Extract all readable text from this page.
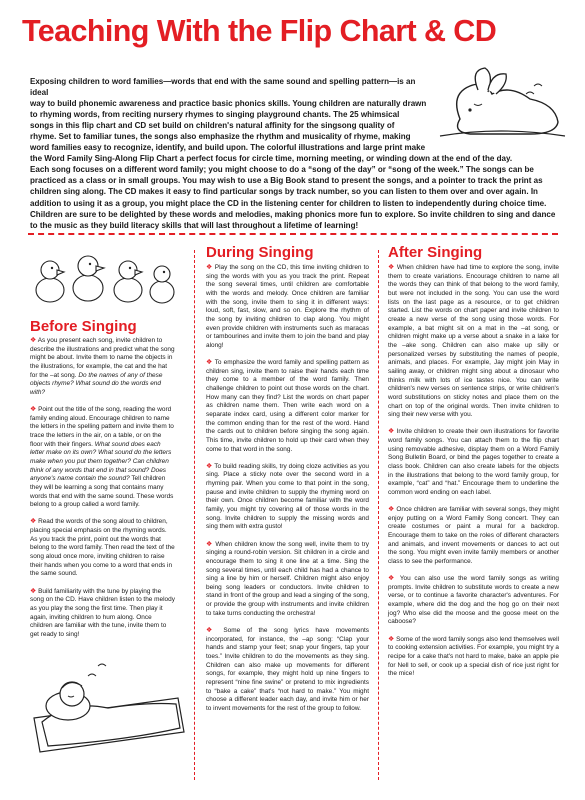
Teaching With the Flip Chart & CD

Exposing children to word families—words that end with the same sound and spelling pattern—is an ideal

way to build phonemic awareness and practice basic phonics skills. Young children are naturally drawn

to rhyming words, from reciting nursery rhymes to singing playground chants. The 25 whimsical

songs in this flip chart and CD set build on children's natural affinity for the singsong quality of

rhyme. Set to familiar tunes, the songs also emphasize the rhythm and musicality of rhyme, making

word families easy to recognize, identify, and build upon. The colorful illustrations and large print make

the Word Family Sing-Along Flip Chart a perfect focus for circle time, morning meeting, or winding down at the end of the day.

Each song focuses on a different word family; you might choose to do a “song of the day” or “song of the week.” The songs can be practiced as a class or in small groups. You may wish to use a Big Book stand to present the songs, and a pointer to track the print as children sing along. The CD makes it easy to find particular songs by track number, so you can listen to them over and over again. In addition to using it as a group, you might place the CD in the listening center for children to listen to independently during choice time. Children are sure to be delighted by these words and melodies, making phonics more fun to explore. So invite children to sing and dance to the music as they build literacy skills that will last throughout a lifetime of learning!

Before Singing
During Singing	After Singing

❖ As you present each song, invite children to describe the illustrations and predict what the song might be about. Invite them to name the objects in the illustrations, for example, the cat and the hat for the –at song. Do the names of any of these objects rhyme? What sound do the words end with?

❖ Point out the title of the song, reading the word family ending aloud. Encourage children to name the letters in the spelling pattern and invite them to trace the letters in the air, on a table, or on the floor with their fingers. What sound does each letter make on its own? What sound do the letters make when you put them together? Can children think of any words that end in that sound? Does anyone's name contain the sound? Tell children they will be learning a song that contains many words that end with the same sound. These words belong to a group called a word family.

❖ Read the words of the song aloud to children, placing special emphasis on the rhyming words. As you track the print, point out the words that belong to the word family. Then read the text of the song aloud once more, inviting children to raise their hands when you come to a word that ends in the same sound.

❖ Build familiarity with the tune by playing the song on the CD. Have children listen to the melody as you play the song the first time. Then play it again, inviting children to hum along. Once children are familiar with the tune, invite them to get ready to sing!

❖ Play the song on the CD, this time inviting children to sing the words with you as you track the print. Repeat the song several times, until children are comfortable with the words and melody. Once children are familiar with the song, invite them to sing it in different ways: loud, soft, fast, slow, and so on. Explore the rhythm of the song by inviting children to clap along. You might even provide children with instruments such as maracas or tambourines and invite them to join the band and play along!

❖ To emphasize the word family and spelling pattern as children sing, invite them to raise their hands each time they come to a member of the word family. Then challenge children to point out those words on the chart. How many can they find? List the words on chart paper as children name them. Then write each word on a separate index card, using a different color marker for the common ending than for the rest of the word. Hand the cards out to children before singing the song again. This time, invite children to hold up their card when they come to that word in the song.

❖ To build reading skills, try doing cloze activities as you sing. Place a sticky note over the second word in a rhyming pair. When you come to that point in the song, pause and invite children to supply the rhyming word on their own. Once children become familiar with the word family, you might try covering all of those words in the song. Invite children to supply the missing words and sing them with extra gusto!

❖ When children know the song well, invite them to try singing a round-robin version. Sit children in a circle and encourage them to sing it one line at a time. Sing the song several times, until each child has had a chance to sing a line by him or herself. Children might also enjoy being song leaders or conductors. Invite children to stand in front of the group and lead a singing of the song, or provide the group with instruments and invite children to take turns conducting the orchestra!

❖ Some of the song lyrics have movements incorporated, for instance, the –ap song: “Clap your hands and stamp your feet; snap your fingers, tap your toes.” Invite children to do the movements as they sing. Children can also make up movements for different songs, for example, they might hold up nine fingers to represent “nine fine swine” or pretend to mix ingredients to “bake a cake” that's “not hard to make.” You might choose a different leader each day, and invite him or her to invent movements for the rest of the group to follow.

❖ When children have had time to explore the song, invite them to create variations. Encourage children to name all the words they can think of that belong to the word family, but were not included in the song. You can use the word lists on the last page as a resource, or to get children started. List the words on chart paper and invite children to create a new verse of the song using those words. For example, a bat might sit on a mat in the –at song, or children might make up a verse about a snake in a lake for the –ake song. Children can also make up silly or personalized verses by substituting the names of people, animals, and places. For example, Jay might join May in sailing away, or children might sing about a dinosaur who thinks milk with lots of ice tastes nice. You can write children's new verses on sentence strips, or write children's word substitutions on sticky notes and place them on the chart on top of the original words. Then invite children to sing their new verse with you.

❖ Invite children to create their own illustrations for favorite word family songs. You can attach them to the flip chart using removable adhesive, display them on a Word Family Song Bulletin Board, or bind the pages together to create a class book. Children can also create labels for the objects in the illustrations that belong to the word family group, for example, “cat” and “hat.” Encourage them to underline the common word ending on each label.

❖ Once children are familiar with several songs, they might enjoy putting on a Word Family Song concert. They can create costumes or paint a mural for a backdrop. Encourage them to take on the roles of different characters and animals, and invent movements or dances to act out the song. You might even invite family members or another class to see the performance.

❖ You can also use the word family songs as writing prompts. Invite children to substitute words to create a new verse, or to continue a favorite character's adventures. For example, where did the dog and the hog go on their next jog? Who else did the moose and the goose meet on the caboose?

❖ Some of the word family songs also lend themselves well to cooking extension activities. For example, you might try a recipe for a cake that's not hard to make, bake an apple pie for Nell to sell, or cook up a special dish of rice just right for the mice!
